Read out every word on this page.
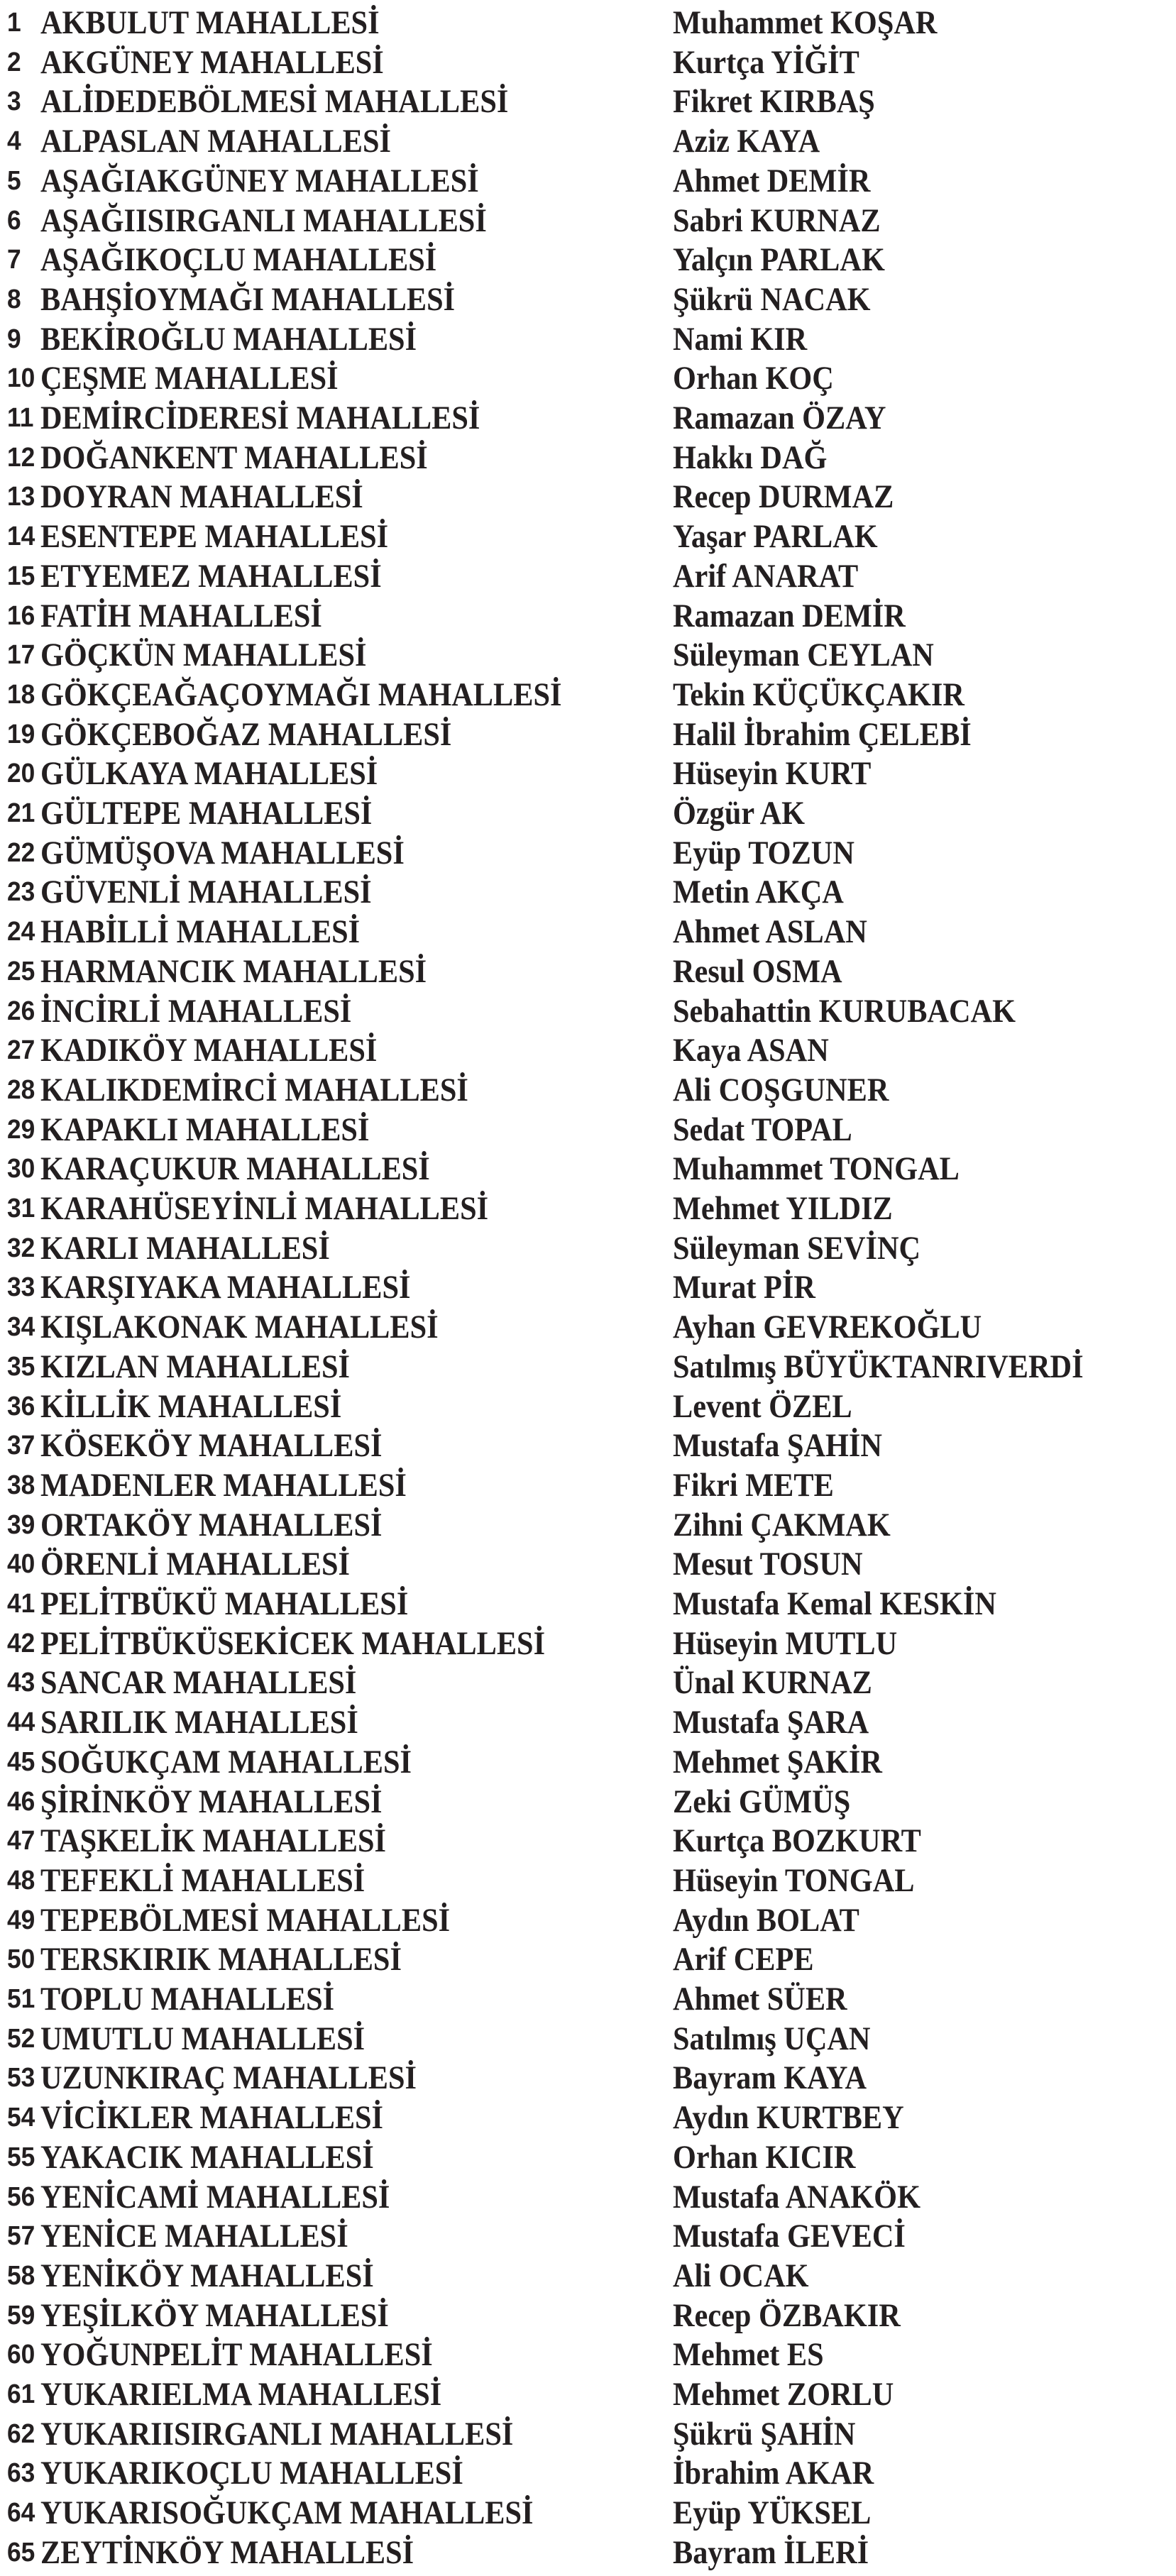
1 AKBULUT MAHALLESİ	Muhammet KOŞAR
2 AKGÜNEY MAHALLESİ	Kurtça YİĞİT
3 ALİDEDEBÖLMESİ MAHALLESİ	Fikret KIRBAŞ
4 ALPASLAN MAHALLESİ	Aziz KAYA
5 AŞAĞIAKGÜNEY MAHALLESİ	Ahmet DEMİR
6 AŞAĞIISIRGANLI MAHALLESİ	Sabri KURNAZ
7 AŞAĞIKOÇLU MAHALLESİ	Yalçın PARLAK
8 BAHŞİOYMAĞI MAHALLESİ	Şükrü NACAK
9 BEKİROĞLU MAHALLESİ	Nami KIR
10 ÇEŞME MAHALLESİ	Orhan KOÇ
11 DEMİRCİDERESİ MAHALLESİ	Ramazan ÖZAY
12 DOĞANKENT MAHALLESİ	Hakkı DAĞ
13 DOYRAN MAHALLESİ	Recep DURMAZ
14 ESENTEPE MAHALLESİ	Yaşar PARLAK
15 ETYEMEZ MAHALLESİ	Arif ANARAT
16 FATİH MAHALLESİ	Ramazan DEMİR
17 GÖÇKÜN MAHALLESİ	Süleyman CEYLAN
18 GÖKÇEAĞAÇOYMAĞI MAHALLESİ	Tekin KÜÇÜKÇAKIR
19 GÖKÇEBOĞAZ MAHALLESİ	Halil İbrahim ÇELEBİ
20 GÜLKAYA MAHALLESİ	Hüseyin KURT
21 GÜLTEPE MAHALLESİ	Özgür AK
22 GÜMÜŞOVA MAHALLESİ	Eyüp TOZUN
23 GÜVENLİ MAHALLESİ	Metin AKÇA
24 HABİLLİ MAHALLESİ	Ahmet ASLAN
25 HARMANCIK MAHALLESİ	Resul OSMA
26 İNCİRLİ MAHALLESİ	Sebahattin KURUBACAK
27 KADIKÖY MAHALLESİ	Kaya ASAN
28 KALIKDEMİRCİ MAHALLESİ	Ali COŞGUNER
29 KAPAKLI MAHALLESİ	Sedat TOPAL
30 KARAÇUKUR MAHALLESİ	Muhammet TONGAL
31 KARAHÜSEYİNLİ MAHALLESİ	Mehmet YILDIZ
32 KARLI MAHALLESİ	Süleyman SEVİNÇ
33 KARŞIYAKA MAHALLESİ	Murat PİR
34 KIŞLAKONAK MAHALLESİ	Ayhan GEVREKOĞLU
35 KIZLAN MAHALLESİ	Satılmış BÜYÜKTANRIVERDİ
36 KİLLİK MAHALLESİ	Levent ÖZEL
37 KÖSEKÖY MAHALLESİ	Mustafa ŞAHİN
38 MADENLER MAHALLESİ	Fikri METE
39 ORTAKÖY MAHALLESİ	Zihni ÇAKMAK
40 ÖRENLİ MAHALLESİ	Mesut TOSUN
41 PELİTBÜKÜ MAHALLESİ	Mustafa Kemal KESKİN
42 PELİTBÜKÜSEKİCEK MAHALLESİ	Hüseyin MUTLU
43 SANCAR MAHALLESİ	Ünal KURNAZ
44 SARILIK MAHALLESİ	Mustafa ŞARA
45 SOĞUKÇAM MAHALLESİ	Mehmet ŞAKİR
46 ŞİRİNKÖY MAHALLESİ	Zeki GÜMÜŞ
47 TAŞKELİK MAHALLESİ	Kurtça BOZKURT
48 TEFEKLİ MAHALLESİ	Hüseyin TONGAL
49 TEPEBÖLMESİ MAHALLESİ	Aydın BOLAT
50 TERSKIRIK MAHALLESİ	Arif CEPE
51 TOPLU MAHALLESİ	Ahmet SÜER
52 UMUTLU MAHALLESİ	Satılmış UÇAN
53 UZUNKIRAÇ MAHALLESİ	Bayram KAYA
54 VİCİKLER MAHALLESİ	Aydın KURTBEY
55 YAKACIK MAHALLESİ	Orhan KICIR
56 YENİCAMİ MAHALLESİ	Mustafa ANAKÖK
57 YENİCE MAHALLESİ	Mustafa GEVECİ
58 YENİKÖY MAHALLESİ	Ali OCAK
59 YEŞİLKÖY MAHALLESİ	Recep ÖZBAKIR
60 YOĞUNPELİT MAHALLESİ	Mehmet ES
61 YUKARIELMA MAHALLESİ	Mehmet ZORLU
62 YUKARIISIRGANLI MAHALLESİ	Şükrü ŞAHİN
63 YUKARIKOÇLU MAHALLESİ	İbrahim AKAR
64 YUKARISOĞUKÇAM MAHALLESİ	Eyüp YÜKSEL
65 ZEYTİNKÖY MAHALLESİ	Bayram İLERİ
